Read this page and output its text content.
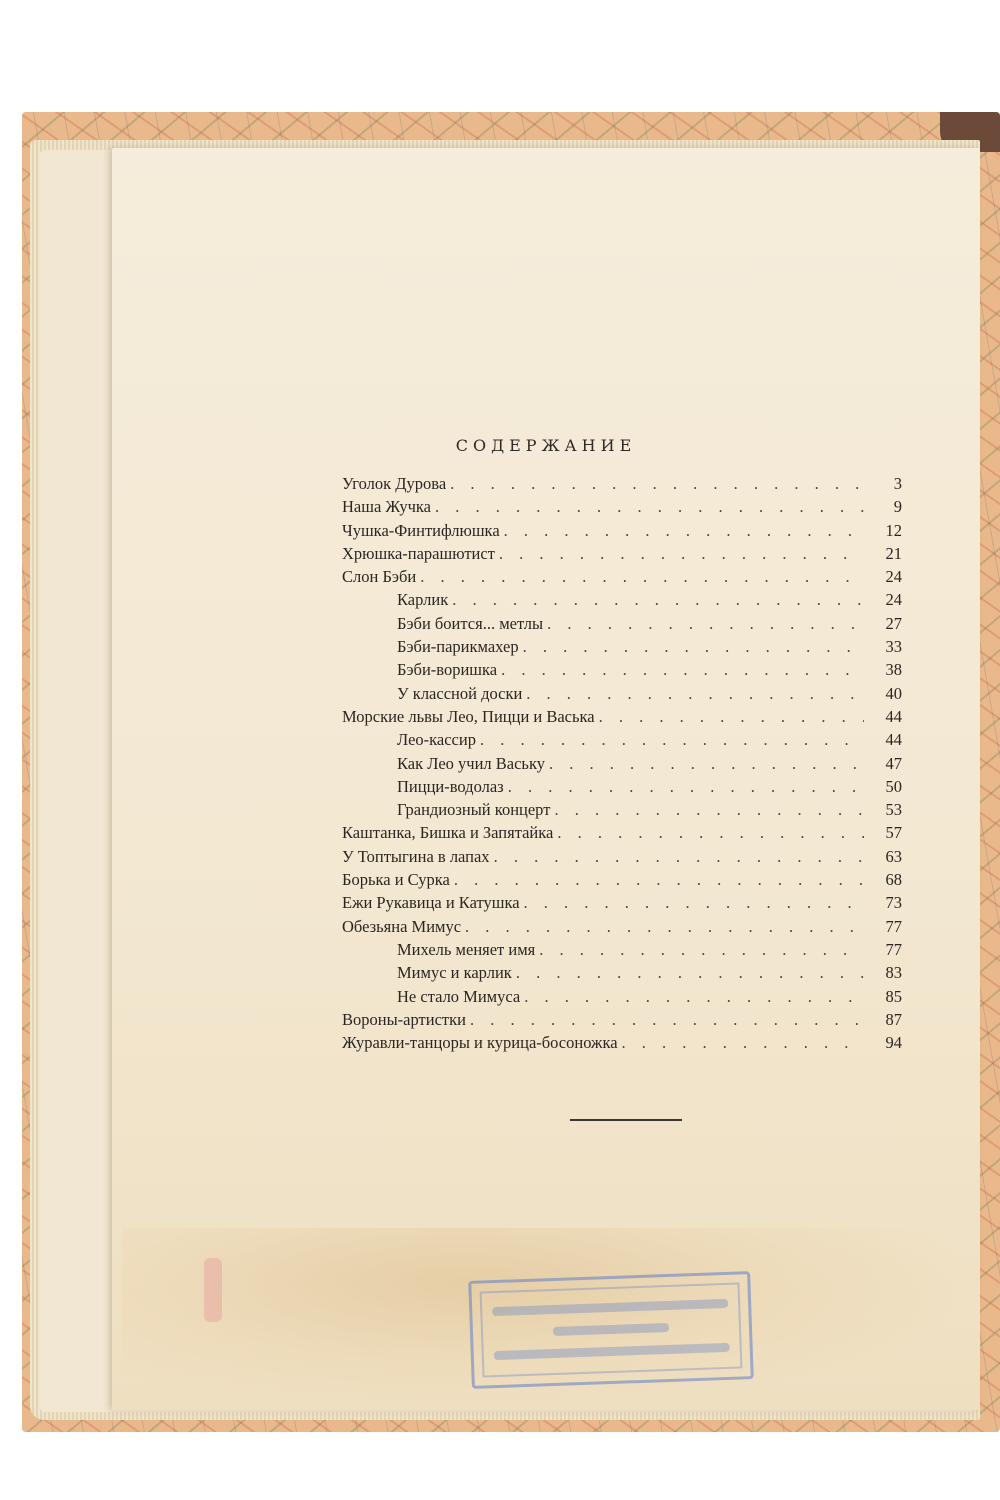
СОДЕРЖАНИЕ
Уголок Дурова . . .	3
Наша Жучка . . .	9
Чушка-Финтифлюшка . . .	12
Хрюшка-парашютист . . .	21
Слон Бэби . . .	24
Карлик . . .	24
Бэби боится... метлы . . .	27
Бэби-парикмахер . . .	33
Бэби-воришка . . .	38
У классной доски . . .	40
Морские львы Лео, Пицци и Васька . . .	44
Лео-кассир . . .	44
Как Лео учил Ваську . . .	47
Пицци-водолаз . . .	50
Грандиозный концерт . . .	53
Каштанка, Бишка и Запятайка . . .	57
У Топтыгина в лапах . . .	63
Борька и Сурка . . .	68
Ежи Рукавица и Катушка . . .	73
Обезьяна Мимус . . .	77
Михель меняет имя . . .	77
Мимус и карлик . . .	83
Не стало Мимуса . . .	85
Вороны-артистки . . .	87
Журавли-танцоры и курица-босоножка . . .	94
